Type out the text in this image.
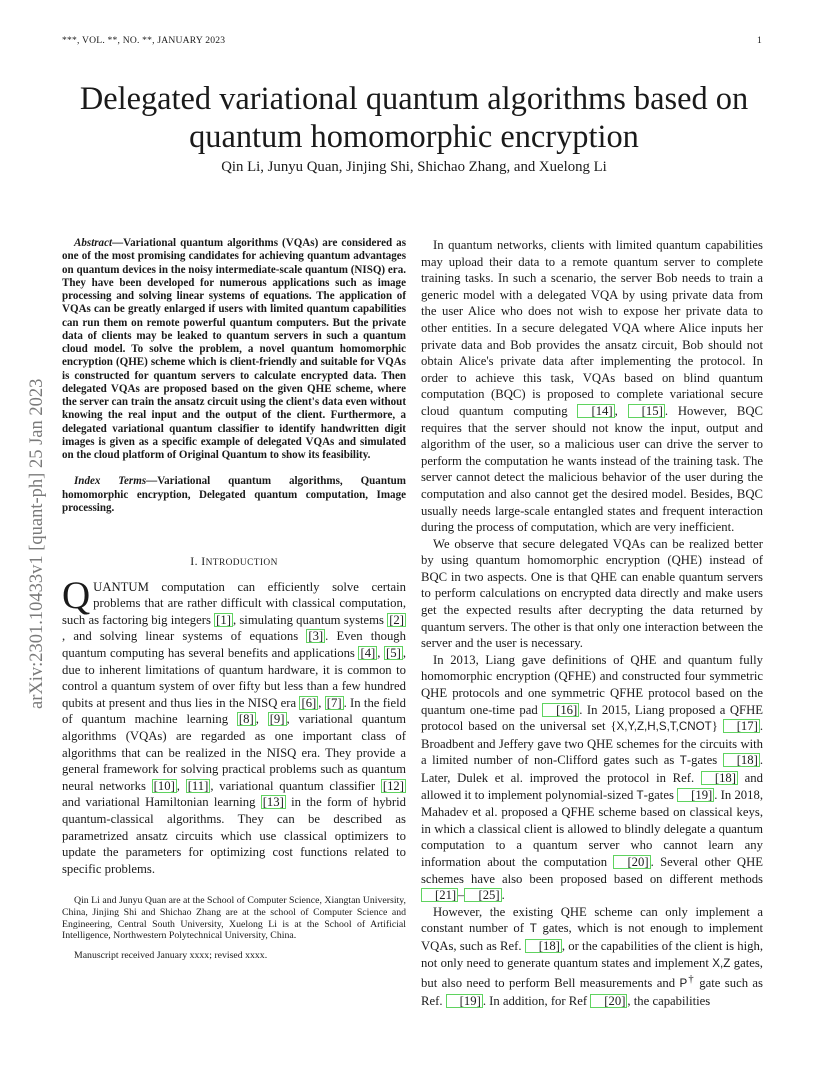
***, VOL. **, NO. **, JANUARY 2023	1
Delegated variational quantum algorithms based on quantum homomorphic encryption
Qin Li, Junyu Quan, Jinjing Shi, Shichao Zhang, and Xuelong Li
arXiv:2301.10433v1 [quant-ph] 25 Jan 2023

Abstract—Variational quantum algorithms (VQAs) are considered as one of the most promising candidates for achieving quantum advantages on quantum devices in the noisy intermediate-scale quantum (NISQ) era. They have been developed for numerous applications such as image processing and solving linear systems of equations. The application of VQAs can be greatly enlarged if users with limited quantum capabilities can run them on remote powerful quantum computers. But the private data of clients may be leaked to quantum servers in such a quantum cloud model. To solve the problem, a novel quantum homomorphic encryption (QHE) scheme which is client-friendly and suitable for VQAs is constructed for quantum servers to calculate encrypted data. Then delegated VQAs are proposed based on the given QHE scheme, where the server can train the ansatz circuit using the client's data even without knowing the real input and the output of the client. Furthermore, a delegated variational quantum classifier to identify handwritten digit images is given as a specific example of delegated VQAs and simulated on the cloud platform of Original Quantum to show its feasibility.

Index Terms—Variational quantum algorithms, Quantum homomorphic encryption, Delegated quantum computation, Image processing.

I. INTRODUCTION

QUANTUM computation can efficiently solve certain problems that are rather difficult with classical computation, such as factoring big integers [1] , simulating quantum systems [2], and solving linear systems of equations [3] . Even though quantum computing has several benefits and applications [4] , [5] , due to inherent limitations of quantum hardware, it is common to control a quantum system of over fifty but less than a few hundred qubits at present and thus lies in the NISQ era [6] , [7] . In the field of quantum machine learning [8] , [9] , variational quantum algorithms (VQAs) are regarded as one important class of algorithms that can be realized in the NISQ era. They provide a general framework for solving practical problems such as quantum neural networks [10] , [11] , variational quantum classifier [12] and variational Hamiltonian learning [13] in the form of hybrid quantum-classical algorithms. They can be described as parametrized ansatz circuits which use classical optimizers to update the parameters for optimizing cost functions related to specific problems.

Qin Li and Junyu Quan are at the School of Computer Science, Xiangtan University, China, Jinjing Shi and Shichao Zhang are at the school of Computer Science and Engineering, Central South University, Xuelong Li is at the School of Artificial Intelligence, Northwestern Polytechnical University, China.

Manuscript received January xxxx; revised xxxx.

In quantum networks, clients with limited quantum capabilities may upload their data to a remote quantum server to complete training tasks. In such a scenario, the server Bob needs to train a generic model with a delegated VQA by using private data from the user Alice who does not wish to expose her private data to other entities. In a secure delegated VQA where Alice inputs her private data and Bob provides the ansatz circuit, Bob should not obtain Alice's private data after implementing the protocol. In order to achieve this task, VQAs based on blind quantum computation (BQC) is proposed to complete variational secure cloud quantum computing [14] , [15] . However, BQC requires that the server should not know the input, output and algorithm of the user, so a malicious user can drive the server to perform the computation he wants instead of the training task. The server cannot detect the malicious behavior of the user during the computation and also cannot get the desired model. Besides, BQC usually needs large-scale entangled states and frequent interaction during the process of computation, which are very inefficient.

We observe that secure delegated VQAs can be realized better by using quantum homomorphic encryption (QHE) instead of BQC in two aspects. One is that QHE can enable quantum servers to perform calculations on encrypted data directly and make users get the expected results after decrypting the data returned by quantum servers. The other is that only one interaction between the server and the user is necessary.

In 2013, Liang gave definitions of QHE and quantum fully homomorphic encryption (QFHE) and constructed four symmetric QHE protocols and one symmetric QFHE protocol based on the quantum one-time pad [16] . In 2015, Liang proposed a QFHE protocol based on the universal set {X,Y,Z,H,S,T,CNOT} [17] . Broadbent and Jeffery gave two QHE schemes for the circuits with a limited number of non-Clifford gates such as T-gates [18] . Later, Dulek et al. improved the protocol in Ref. [18] and allowed it to implement polynomial-sized T-gates [19] . In 2018, Mahadev et al. proposed a QFHE scheme based on classical keys, in which a classical client is allowed to blindly delegate a quantum computation to a quantum server who cannot learn any information about the computation [20] . Several other QHE schemes have also been proposed based on different methods [21] – [25] .

However, the existing QHE scheme can only implement a constant number of T gates, which is not enough to implement VQAs, such as Ref. [18] , or the capabilities of the client is high, not only need to generate quantum states and implement X,Z gates, but also need to perform Bell measurements and P† gate such as Ref. [19] . In addition, for Ref [20] , the capabilities
